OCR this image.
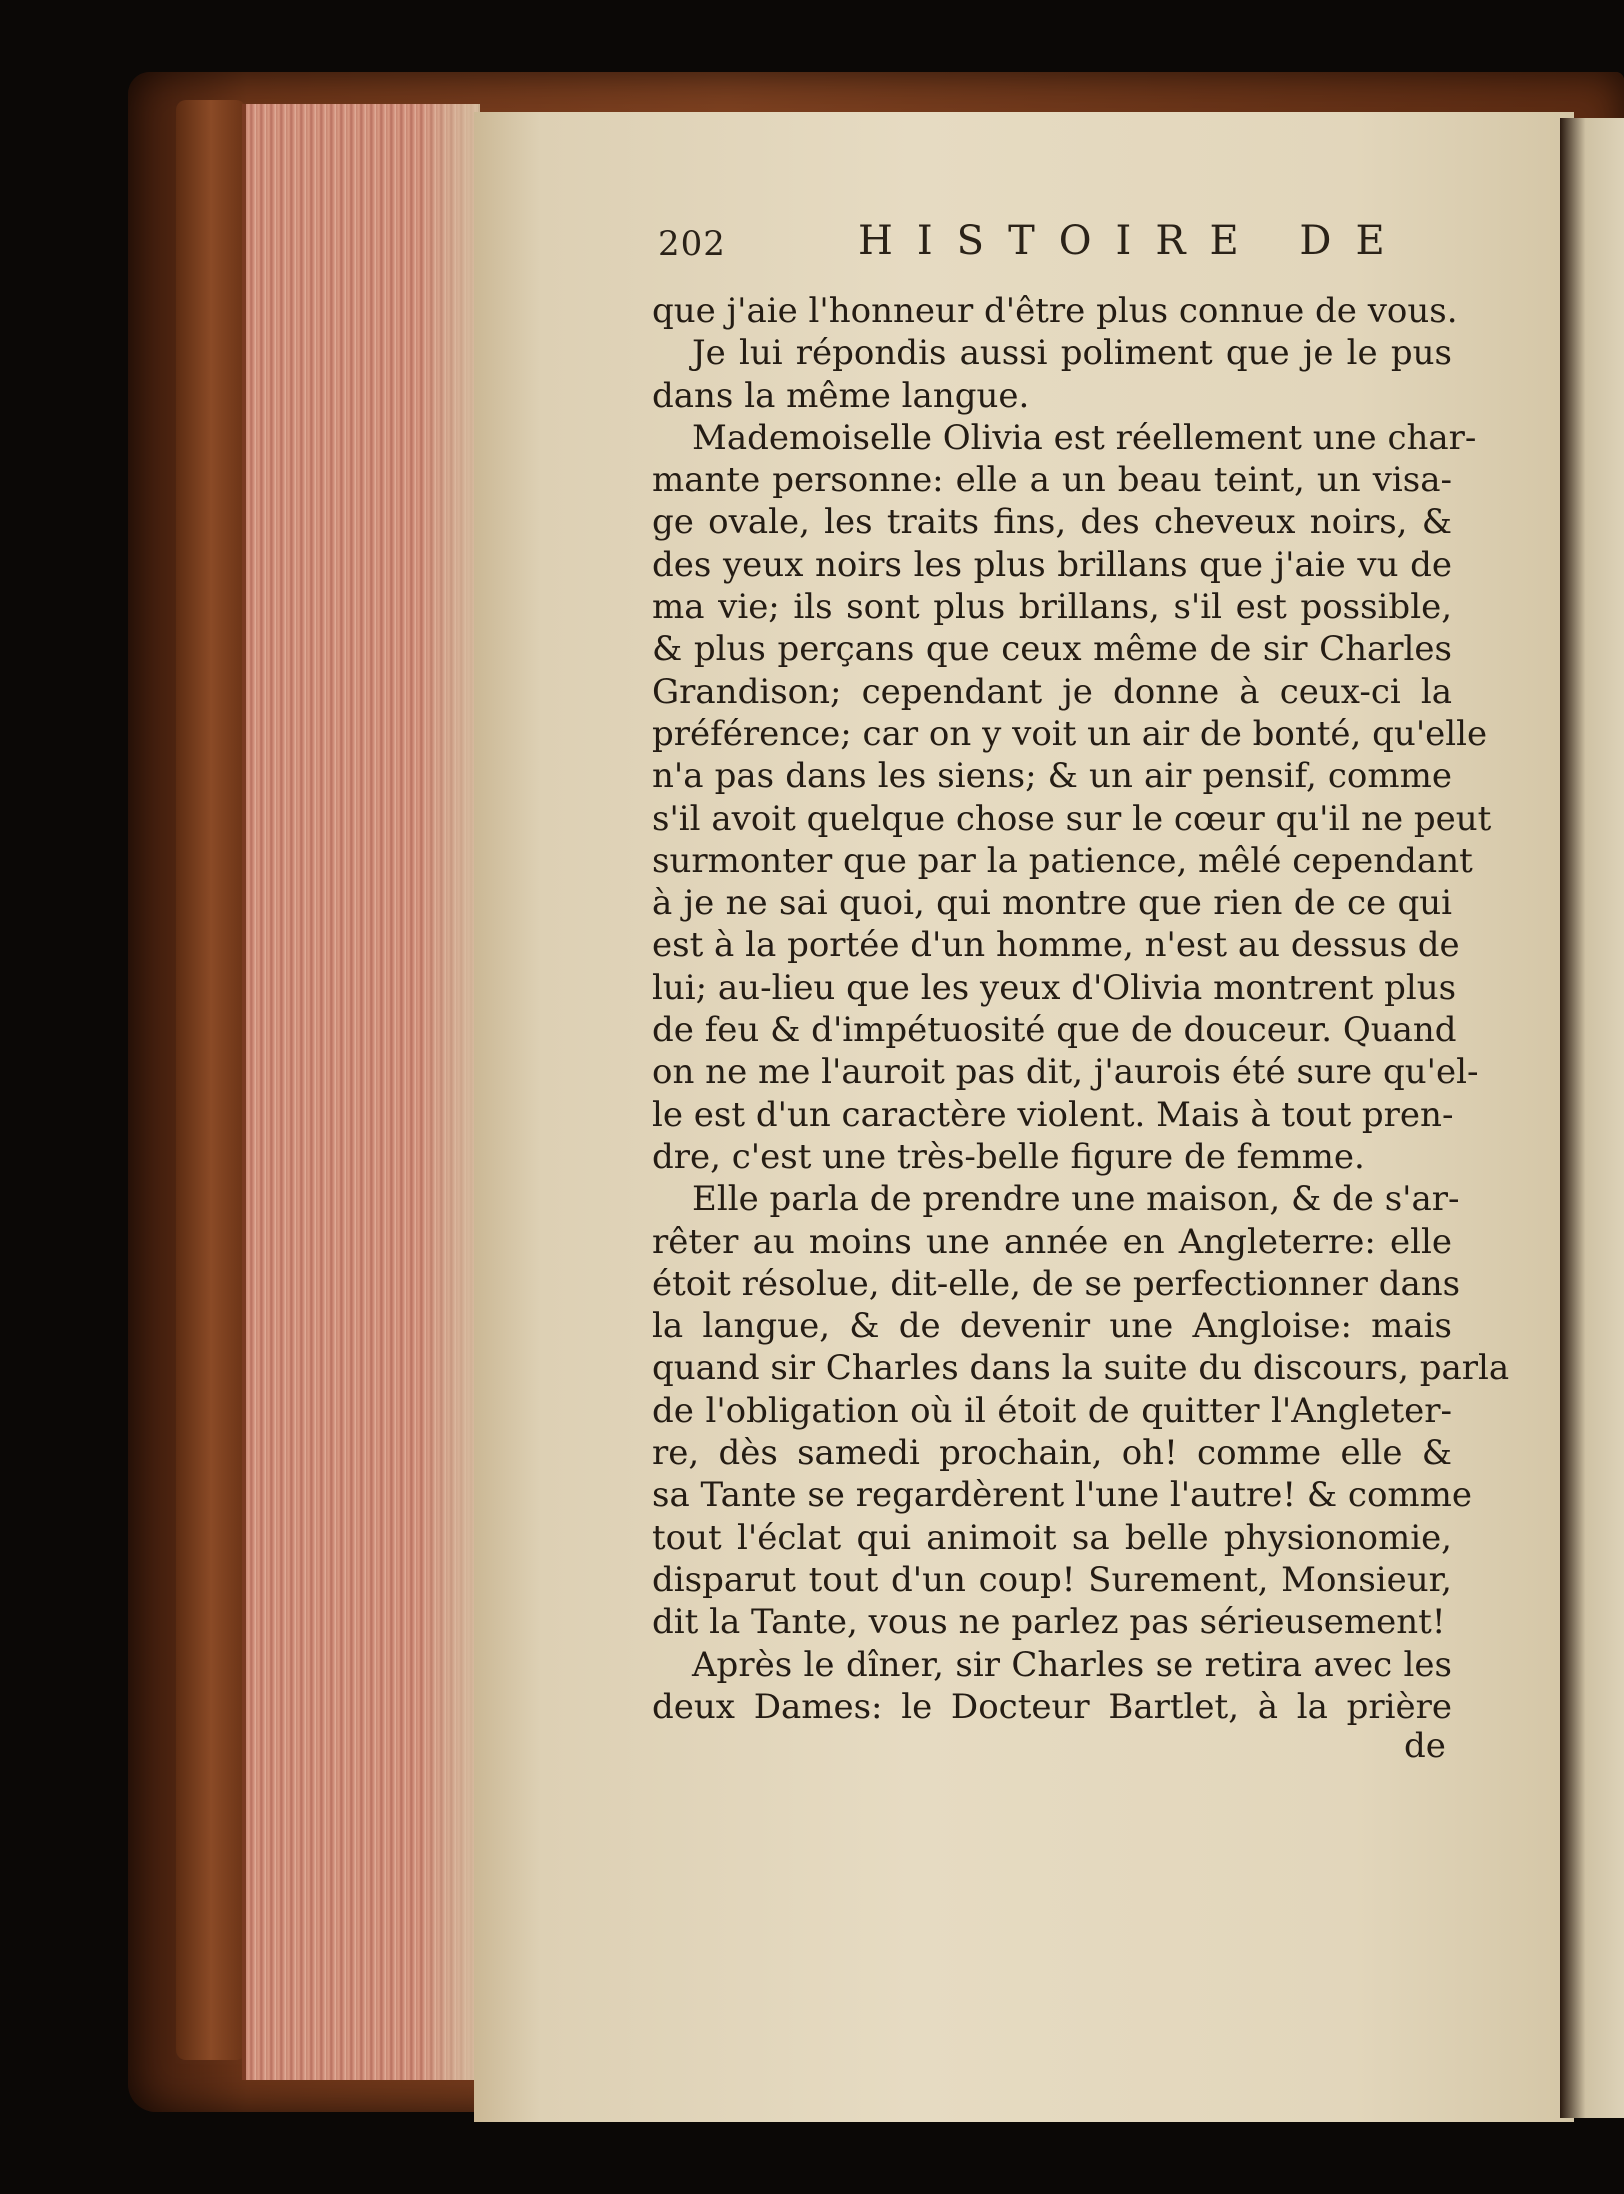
202	HISTOIRE DE
que j'aie l'honneur d'être plus connue de vous.
Je lui répondis aussi poliment que je le pus
dans la même langue.
Mademoiselle Olivia est réellement une char-
mante personne: elle a un beau teint, un visa-
ge ovale, les traits fins, des cheveux noirs, &
des yeux noirs les plus brillans que j'aie vu de
ma vie; ils sont plus brillans, s'il est possible,
& plus perçans que ceux même de sir Charles
Grandison; cependant je donne à ceux-ci la
préférence; car on y voit un air de bonté, qu'elle
n'a pas dans les siens; & un air pensif, comme
s'il avoit quelque chose sur le cœur qu'il ne peut
surmonter que par la patience, mêlé cependant
à je ne sai quoi, qui montre que rien de ce qui
est à la portée d'un homme, n'est au dessus de
lui; au-lieu que les yeux d'Olivia montrent plus
de feu & d'impétuosité que de douceur. Quand
on ne me l'auroit pas dit, j'aurois été sure qu'el-
le est d'un caractère violent. Mais à tout pren-
dre, c'est une très-belle figure de femme.
Elle parla de prendre une maison, & de s'ar-
rêter au moins une année en Angleterre: elle
étoit résolue, dit-elle, de se perfectionner dans
la langue, & de devenir une Angloise: mais
quand sir Charles dans la suite du discours, parla
de l'obligation où il étoit de quitter l'Angleter-
re, dès samedi prochain, oh! comme elle &
sa Tante se regardèrent l'une l'autre! & comme
tout l'éclat qui animoit sa belle physionomie,
disparut tout d'un coup! Surement, Monsieur,
dit la Tante, vous ne parlez pas sérieusement!
Après le dîner, sir Charles se retira avec les
deux Dames: le Docteur Bartlet, à la prière
de
